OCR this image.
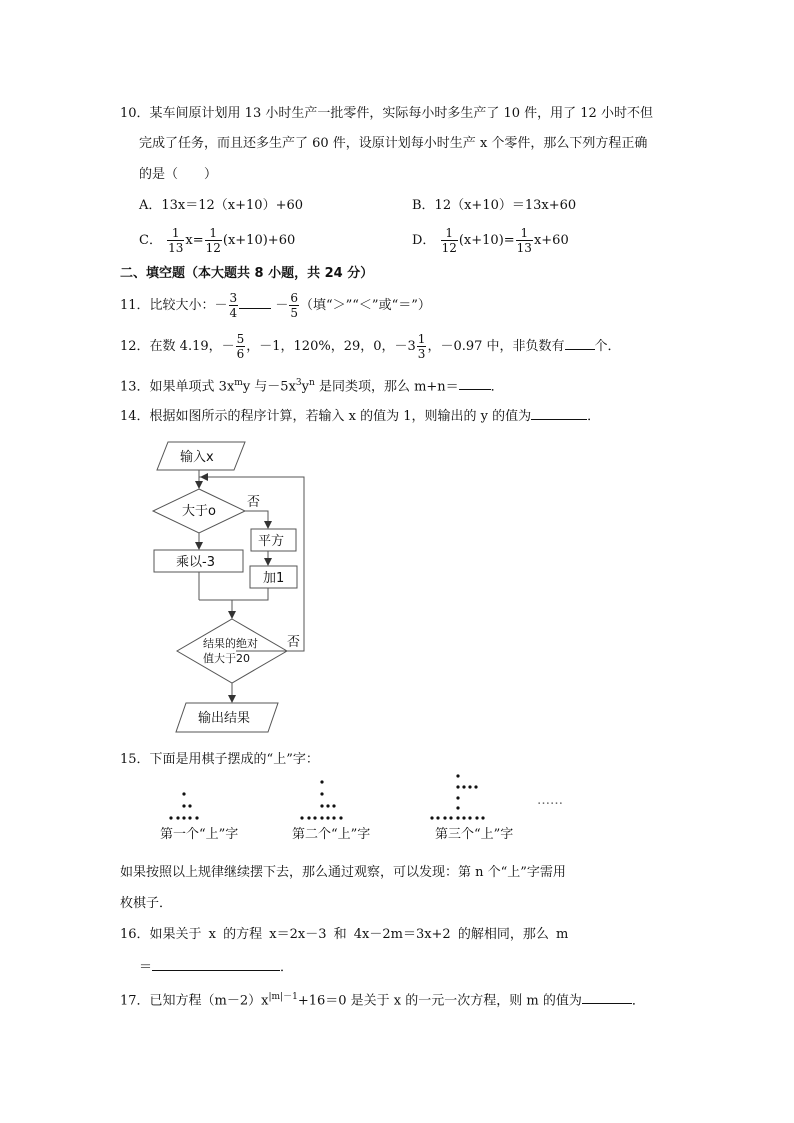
10．某车间原计划用 13 小时生产一批零件，实际每小时多生产了 10 件，用了 12 小时不但
完成了任务，而且还多生产了 60 件，设原计划每小时生产 x 个零件，那么下列方程正确
的是（　　）
A．13x＝12（x+10）+60	B．12（x+10）＝13x+60
C． $\frac{1}{13} x= \frac{1}{12} (x+10)+60$	D． $\frac{1}{12} (x+10)= \frac{1}{13} x+60$
二、填空题（本大题共 8 小题，共 24 分）
11．比较大小：－ $\frac{3}{4}$	－ $\frac{6}{5}$ （填“＞”“＜”或“＝”）
12．在数 4.19，－ $\frac{5}{6}$ ，－1，120%，29，0，$-3 \frac{1}{3}$ ，－0.97 中，非负数有 个．
13．如果单项式 $3x^my$ 与$-5x^3y^n$ 是同类项，那么 m+n＝ ．
14．根据如图所示的程序计算，若输入 x 的值为 1，则输出的 y 的值为	．
输入x
大于o
否
平方
乘以-3
加1
结果的绝对
值大于20
否
输出结果
15．下面是用棋子摆成的“上”字：
……
第一个“上”字	第二个“上”字	第三个“上”字
如果按照以上规律继续摆下去，那么通过观察，可以发现：第 n 个“上”字需用
枚棋子．
16．如果关于 x 的方程 x＝2x－3 和 4x－2m＝3x+2 的解相同，那么 m
＝	．
17．已知方程$(m-2)x^{|m|-1}+16=0$ 是关于 x 的一元一次方程，则 m 的值为	．
